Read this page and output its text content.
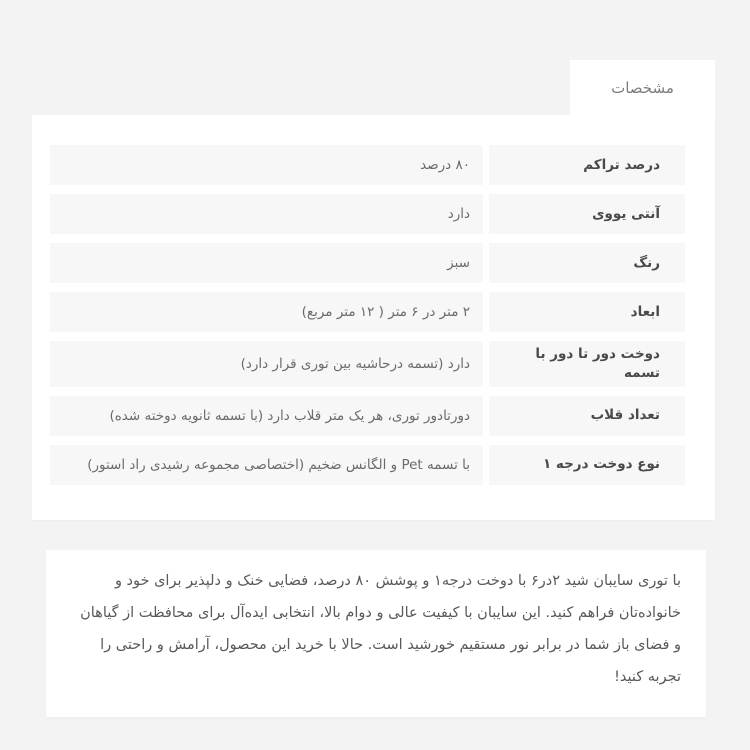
مشخصات
درصد تراکم
۸۰ درصد
آنتی یووی
دارد
رنگ
سبز
ابعاد
۲ متر در ۶ متر ( ۱۲ متر مربع)
دوخت دور تا دور با تسمه
دارد (تسمه درحاشیه بین توری قرار دارد)
تعداد قلاب
دورتادور توری، هر یک متر قلاب دارد (با تسمه ثانویه دوخته شده)
نوع دوخت درجه ۱
با تسمه Pet و الگانس ضخیم (اختصاصی مجموعه رشیدی راد استور)

با توری سایبان شید ۲در۶ با دوخت درجه۱ و پوشش ۸۰ درصد، فضایی خنک و دلپذیر برای خود و خانواده‌تان فراهم کنید. این سایبان با کیفیت عالی و دوام بالا، انتخابی ایده‌آل برای محافظت از گیاهان و فضای باز شما در برابر نور مستقیم خورشید است. حالا با خرید این محصول، آرامش و راحتی را تجربه کنید!
